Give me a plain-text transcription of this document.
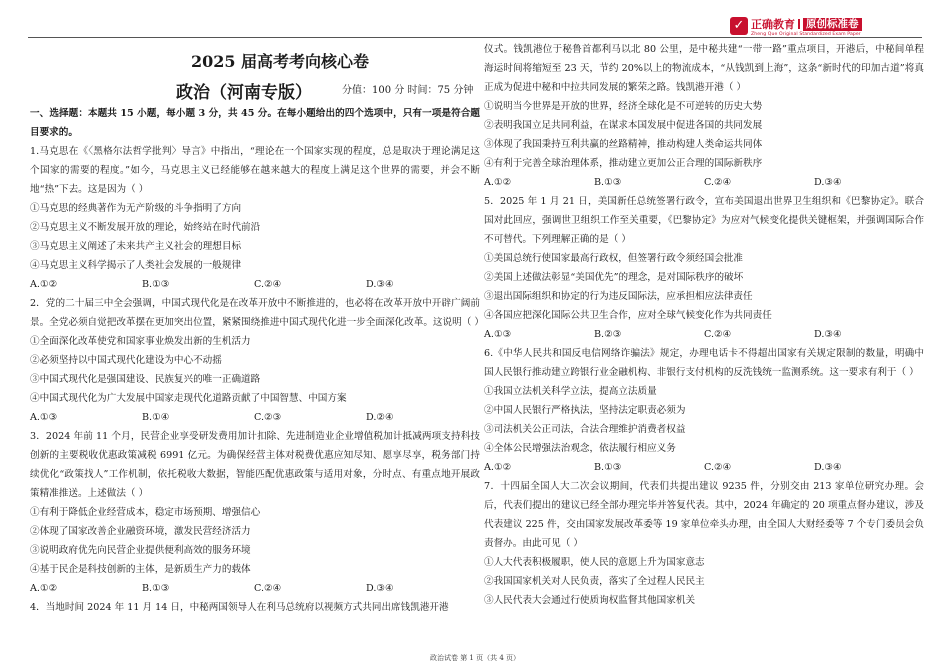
✓ 正确教育 原创标准卷
Zheng Que Original Standardized Exam Paper
2025 届高考考向核心卷
政治（河南专版）	分值：100 分 时间：75 分钟

一、选择题：本题共 15 小题，每小题 3 分，共 45 分。在每小题给出的四个选项中，只有一项是符合题目要求的。

1.马克思在《〈黑格尔法哲学批判〉导言》中指出，“理论在一个国家实现的程度，总是取决于理论满足这个国家的需要的程度。”如今，马克思主义已经能够在越来越大的程度上满足这个世界的需要，并会不断地“热”下去。这是因为（ ）

①马克思的经典著作为无产阶级的斗争指明了方向

②马克思主义不断发展开放的理论，始终站在时代前沿

③马克思主义阐述了未来共产主义社会的理想目标

④马克思主义科学揭示了人类社会发展的一般规律

A.①②	B.①③	C.②④	D.③④

2．党的二十届三中全会强调，中国式现代化是在改革开放中不断推进的，也必将在改革开放中开辟广阔前景。全党必须自觉把改革摆在更加突出位置，紧紧围绕推进中国式现代化进一步全面深化改革。这说明（ ）

①全面深化改革使党和国家事业焕发出新的生机活力

②必须坚持以中国式现代化建设为中心不动摇

③中国式现代化是强国建设、民族复兴的唯一正确道路

④中国式现代化为广大发展中国家走现代化道路贡献了中国智慧、中国方案

A.①③	B.①④	C.②③	D.②④

3．2024 年前 11 个月，民营企业享受研发费用加计扣除、先进制造业企业增值税加计抵减两项支持科技创新的主要税收优惠政策减税 6991 亿元。为确保经营主体对税费优惠应知尽知、愿享尽享，税务部门持续优化“政策找人”工作机制，依托税收大数据，智能匹配优惠政策与适用对象，分时点、有重点地开展政策精准推送。上述做法（ ）

①有利于降低企业经营成本，稳定市场预期、增强信心

②体现了国家改善企业融资环境，激发民营经济活力

③说明政府优先向民营企业提供便利高效的服务环境

④基于民企是科技创新的主体，是新质生产力的载体

A.①②	B.①③	C.②④	D.③④

4．当地时间 2024 年 11 月 14 日，中秘两国领导人在利马总统府以视频方式共同出席钱凯港开港

仪式。钱凯港位于秘鲁首都利马以北 80 公里，是中秘共建“一带一路”重点项目，开港后，中秘间单程海运时间将缩短至 23 天，节约 20%以上的物流成本，“从钱凯到上海”，这条“新时代的印加古道”将真正成为促进中秘和中拉共同发展的繁荣之路。钱凯港开港（ ）

①说明当今世界是开放的世界，经济全球化是不可逆转的历史大势

②表明我国立足共同利益，在谋求本国发展中促进各国的共同发展

③体现了我国秉持互利共赢的丝路精神，推动构建人类命运共同体

④有利于完善全球治理体系，推动建立更加公正合理的国际新秩序

A.①②	B.①③	C.②④	D.③④

5．2025 年 1 月 21 日，美国新任总统签署行政令，宣布美国退出世界卫生组织和《巴黎协定》。联合国对此回应，强调世卫组织工作至关重要，《巴黎协定》为应对气候变化提供关键框架，并强调国际合作不可替代。下列理解正确的是（ ）

①美国总统行使国家最高行政权，但签署行政令须经国会批准

②美国上述做法彰显“美国优先”的理念，是对国际秩序的破坏

③退出国际组织和协定的行为违反国际法，应承担相应法律责任

④各国应把深化国际公共卫生合作，应对全球气候变化作为共同责任

A.①③	B.②③	C.②④	D.③④

6.《中华人民共和国反电信网络诈骗法》规定，办理电话卡不得超出国家有关规定限制的数量，明确中国人民银行推动建立跨银行业金融机构、非银行支付机构的反洗钱统一监测系统。这一要求有利于（ ）

①我国立法机关科学立法，提高立法质量

②中国人民银行严格执法，坚持法定职责必须为

③司法机关公正司法，合法合理维护消费者权益

④全体公民增强法治观念，依法履行相应义务

A.①②	B.①③	C.②④	D.③④

7．十四届全国人大二次会议期间，代表们共提出建议 9235 件，分别交由 213 家单位研究办理。会后，代表们提出的建议已经全部办理完毕并答复代表。其中，2024 年确定的 20 项重点督办建议，涉及代表建议 225 件，交由国家发展改革委等 19 家单位牵头办理，由全国人大财经委等 7 个专门委员会负责督办。由此可见（ ）

①人大代表积极履职，使人民的意愿上升为国家意志

②我国国家机关对人民负责，落实了全过程人民民主

③人民代表大会通过行使质询权监督其他国家机关

政治试卷 第 1 页（共 4 页）
